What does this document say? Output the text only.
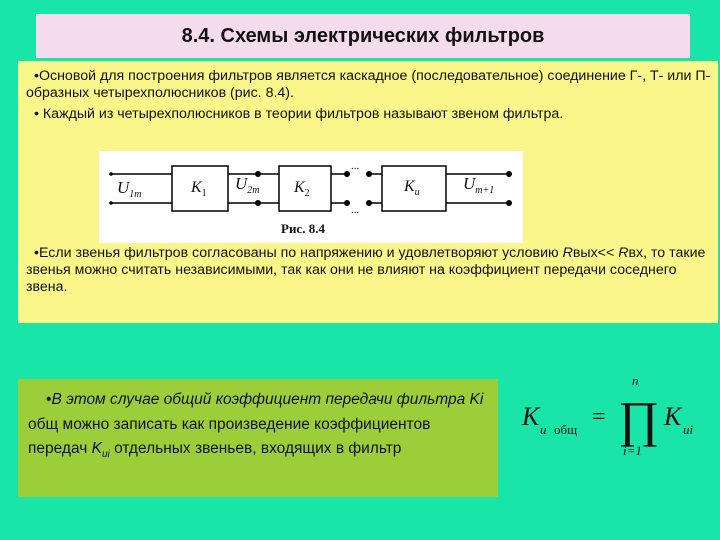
8.4. Схемы электрических фильтров
•Основой для построения фильтров является каскадное (последовательное) соединение Г-, Т- или П-образных четырехполюсников (рис. 8.4).
• Каждый из четырехполюсников в теории фильтров называют звеном фильтра.
•Если звенья фильтров согласованы по напряжению и удовлетворяют условию Rвых<< Rвх, то такие звенья можно считать независимыми, так как они не влияют на коэффициент передачи соседнего звена.
...
...
$U_{1m}$	$K_1$
$U_{2m}$ $K_2$	$K_u$	$U_{m+1}$
Рис. 8.4
•В этом случае общий коэффициент передачи фильтра Ki общ можно записать как произведение коэффициентов передач $K_{ui}$ отдельных звеньев, входящих в фильтр
K u общ = ∏
n
i=1
K ui
